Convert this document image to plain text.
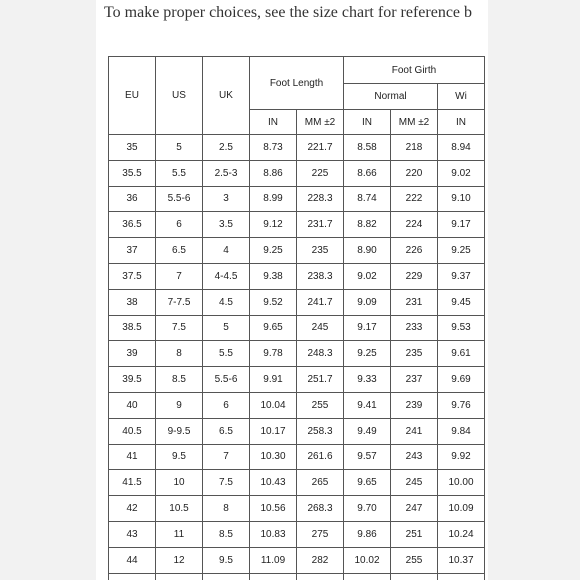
To make proper choices, see the size chart for reference b
EU	US	UK	Foot Length		Foot Girth		
					Normal		Wi
			IN	MM ±2	IN	MM ±2	IN
35	5	2.5	8.73	221.7	8.58	218	8.94
35.5	5.5	2.5-3	8.86	225	8.66	220	9.02
36	5.5-6	3	8.99	228.3	8.74	222	9.10
36.5	6	3.5	9.12	231.7	8.82	224	9.17
37	6.5	4	9.25	235	8.90	226	9.25
37.5	7	4-4.5	9.38	238.3	9.02	229	9.37
38	7-7.5	4.5	9.52	241.7	9.09	231	9.45
38.5	7.5	5	9.65	245	9.17	233	9.53
39	8	5.5	9.78	248.3	9.25	235	9.61
39.5	8.5	5.5-6	9.91	251.7	9.33	237	9.69
40	9	6	10.04	255	9.41	239	9.76
40.5	9-9.5	6.5	10.17	258.3	9.49	241	9.84
41	9.5	7	10.30	261.6	9.57	243	9.92
41.5	10	7.5	10.43	265	9.65	245	10.00
42	10.5	8	10.56	268.3	9.70	247	10.09
43	11	8.5	10.83	275	9.86	251	10.24
44	12	9.5	11.09	282	10.02	255	10.37
